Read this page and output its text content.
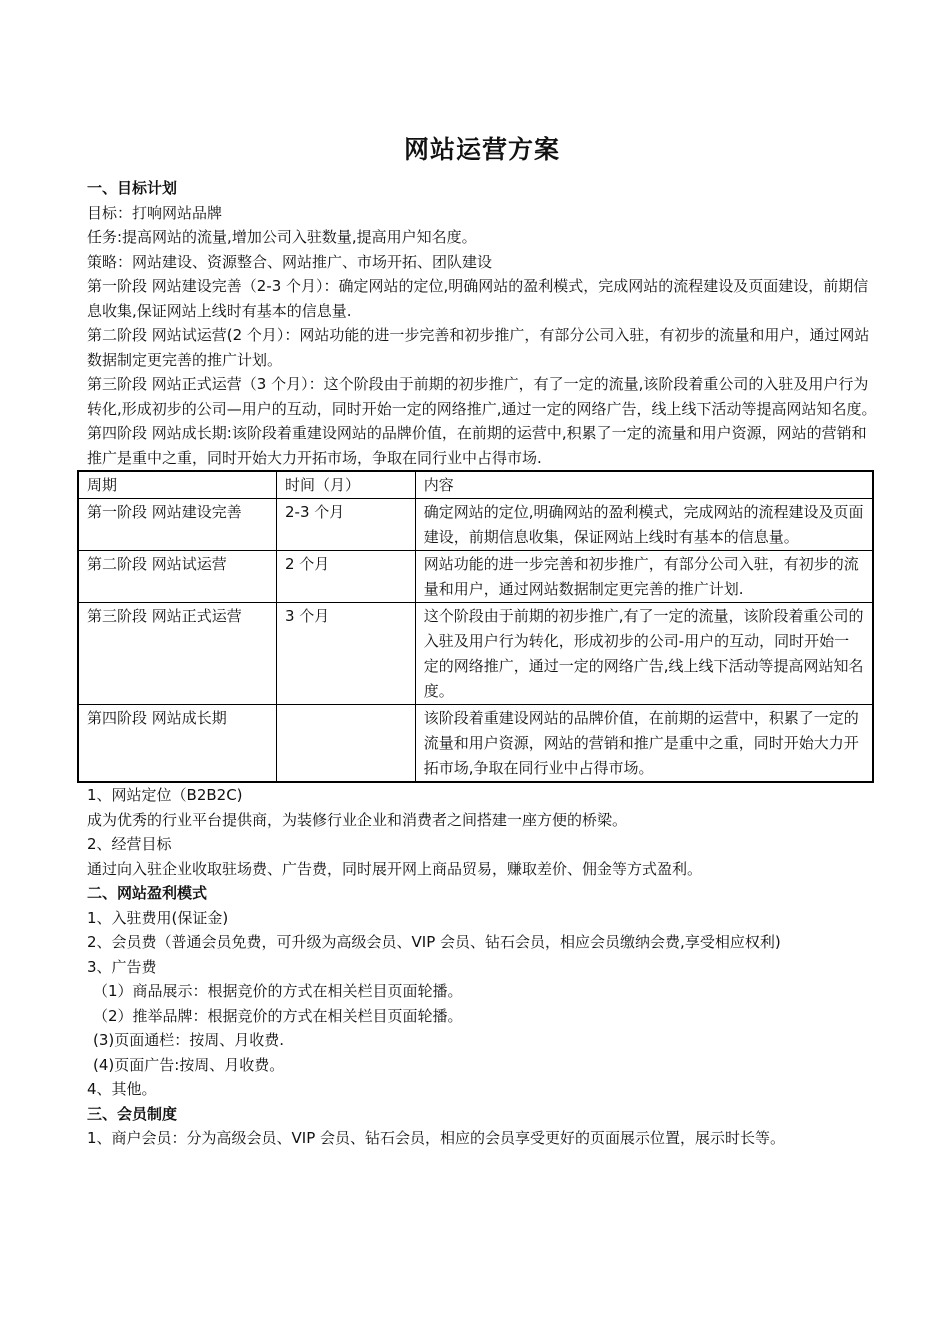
网站运营方案

一、目标计划

目标：打响网站品牌

任务:提高网站的流量,增加公司入驻数量,提高用户知名度。

策略：网站建设、资源整合、网站推广、市场开拓、团队建设

第一阶段 网站建设完善（2-3 个月）：确定网站的定位,明确网站的盈利模式，完成网站的流程建设及页面建设，前期信息收集,保证网站上线时有基本的信息量.

第二阶段 网站试运营(2 个月）：网站功能的进一步完善和初步推广，有部分公司入驻，有初步的流量和用户，通过网站数据制定更完善的推广计划。

第三阶段 网站正式运营（3 个月）：这个阶段由于前期的初步推广，有了一定的流量,该阶段着重公司的入驻及用户行为转化,形成初步的公司—用户的互动，同时开始一定的网络推广,通过一定的网络广告，线上线下活动等提高网站知名度。

第四阶段 网站成长期:该阶段着重建设网站的品牌价值，在前期的运营中,积累了一定的流量和用户资源，网站的营销和推广是重中之重，同时开始大力开拓市场，争取在同行业中占得市场.

周期	时间（月）	内容
第一阶段 网站建设完善	2-3 个月	确定网站的定位,明确网站的盈利模式，完成网站的流程建设及页面建设，前期信息收集，保证网站上线时有基本的信息量。
第二阶段 网站试运营	2 个月	网站功能的进一步完善和初步推广，有部分公司入驻，有初步的流量和用户，通过网站数据制定更完善的推广计划.
第三阶段 网站正式运营	3 个月	这个阶段由于前期的初步推广,有了一定的流量，该阶段着重公司的入驻及用户行为转化，形成初步的公司-用户的互动，同时开始一定的网络推广，通过一定的网络广告,线上线下活动等提高网站知名度。
第四阶段 网站成长期		该阶段着重建设网站的品牌价值，在前期的运营中，积累了一定的流量和用户资源，网站的营销和推广是重中之重，同时开始大力开拓市场,争取在同行业中占得市场。

1、网站定位（B2B2C)

成为优秀的行业平台提供商，为装修行业企业和消费者之间搭建一座方便的桥梁。

2、经营目标

通过向入驻企业收取驻场费、广告费，同时展开网上商品贸易，赚取差价、佣金等方式盈利。

二、网站盈利模式

1、入驻费用(保证金)

2、会员费（普通会员免费，可升级为高级会员、VIP 会员、钻石会员，相应会员缴纳会费,享受相应权利)

3、广告费

（1）商品展示：根据竞价的方式在相关栏目页面轮播。

（2）推举品牌：根据竞价的方式在相关栏目页面轮播。

(3)页面通栏：按周、月收费.

(4)页面广告:按周、月收费。

4、其他。

三、会员制度

1、商户会员：分为高级会员、VIP 会员、钻石会员，相应的会员享受更好的页面展示位置，展示时长等。
